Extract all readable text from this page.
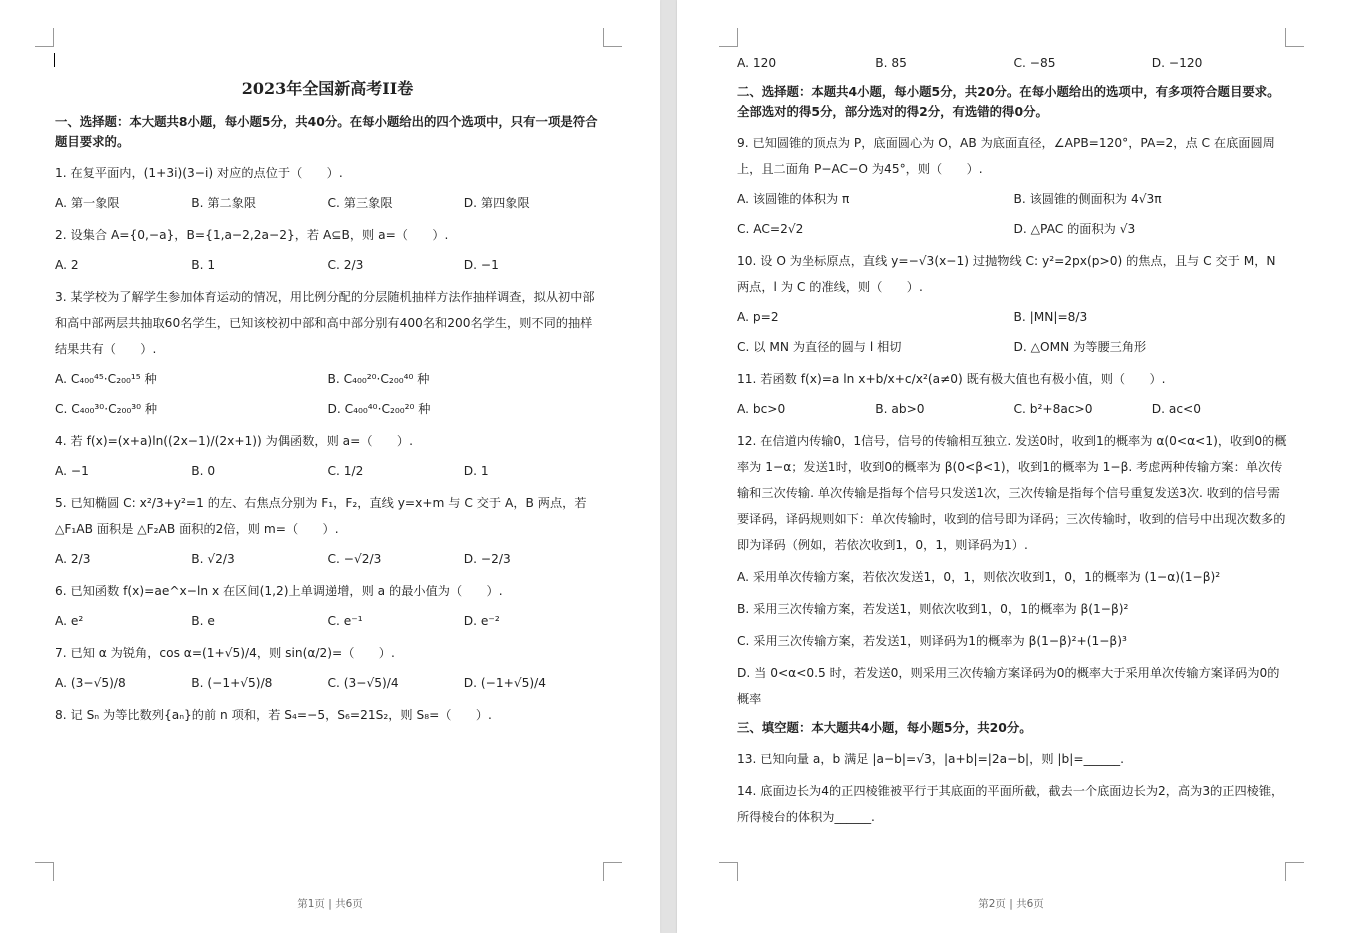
2023年全国新高考II卷
一、选择题：本大题共8小题，每小题5分，共40分。在每小题给出的四个选项中，只有一项是符合题目要求的。
1. 在复平面内，(1+3i)(3−i) 对应的点位于（　　）.
A. 第一象限	B. 第二象限	C. 第三象限	D. 第四象限
2. 设集合 A={0,−a}，B={1,a−2,2a−2}，若 A⊆B，则 a=（　　）.
A. 2	B. 1	C. 2/3	D. −1
3. 某学校为了解学生参加体育运动的情况，用比例分配的分层随机抽样方法作抽样调查，拟从初中部和高中部两层共抽取60名学生，已知该校初中部和高中部分别有400名和200名学生，则不同的抽样结果共有（　　）.
A. C₄₀₀⁴⁵·C₂₀₀¹⁵ 种	B. C₄₀₀²⁰·C₂₀₀⁴⁰ 种
C. C₄₀₀³⁰·C₂₀₀³⁰ 种	D. C₄₀₀⁴⁰·C₂₀₀²⁰ 种
4. 若 f(x)=(x+a)ln((2x−1)/(2x+1)) 为偶函数，则 a=（　　）.
A. −1	B. 0	C. 1/2	D. 1
5. 已知椭圆 C: x²/3+y²=1 的左、右焦点分别为 F₁，F₂，直线 y=x+m 与 C 交于 A，B 两点，若 △F₁AB 面积是 △F₂AB 面积的2倍，则 m=（　　）.
A. 2/3	B. √2/3	C. −√2/3	D. −2/3
6. 已知函数 f(x)=ae^x−ln x 在区间(1,2)上单调递增，则 a 的最小值为（　　）.
A. e²	B. e	C. e⁻¹	D. e⁻²
7. 已知 α 为锐角，cos α=(1+√5)/4，则 sin(α/2)=（　　）.
A. (3−√5)/8	B. (−1+√5)/8	C. (3−√5)/4	D. (−1+√5)/4
8. 记 Sₙ 为等比数列{aₙ}的前 n 项和，若 S₄=−5，S₆=21S₂，则 S₈=（　　）.
第1页 | 共6页
A. 120	B. 85	C. −85	D. −120
二、选择题：本题共4小题，每小题5分，共20分。在每小题给出的选项中，有多项符合题目要求。全部选对的得5分，部分选对的得2分，有选错的得0分。
9. 已知圆锥的顶点为 P，底面圆心为 O，AB 为底面直径，∠APB=120°，PA=2，点 C 在底面圆周上，且二面角 P−AC−O 为45°，则（　　）.
A. 该圆锥的体积为 π	B. 该圆锥的侧面积为 4√3π
C. AC=2√2	D. △PAC 的面积为 √3
10. 设 O 为坐标原点，直线 y=−√3(x−1) 过抛物线 C: y²=2px(p>0) 的焦点，且与 C 交于 M，N 两点，l 为 C 的准线，则（　　）.
A. p=2	B. |MN|=8/3
C. 以 MN 为直径的圆与 l 相切	D. △OMN 为等腰三角形
11. 若函数 f(x)=a ln x+b/x+c/x²(a≠0) 既有极大值也有极小值，则（　　）.
A. bc>0	B. ab>0	C. b²+8ac>0	D. ac<0
12. 在信道内传输0，1信号，信号的传输相互独立. 发送0时，收到1的概率为 α(0<α<1)，收到0的概率为 1−α；发送1时，收到0的概率为 β(0<β<1)，收到1的概率为 1−β. 考虑两种传输方案：单次传输和三次传输. 单次传输是指每个信号只发送1次，三次传输是指每个信号重复发送3次. 收到的信号需要译码，译码规则如下：单次传输时，收到的信号即为译码；三次传输时，收到的信号中出现次数多的即为译码（例如，若依次收到1，0，1，则译码为1）.
A. 采用单次传输方案，若依次发送1，0，1，则依次收到1，0，1的概率为 (1−α)(1−β)²
B. 采用三次传输方案，若发送1，则依次收到1，0，1的概率为 β(1−β)²
C. 采用三次传输方案，若发送1，则译码为1的概率为 β(1−β)²+(1−β)³
D. 当 0<α<0.5 时，若发送0，则采用三次传输方案译码为0的概率大于采用单次传输方案译码为0的概率
三、填空题：本大题共4小题，每小题5分，共20分。
13. 已知向量 a，b 满足 |a−b|=√3，|a+b|=|2a−b|，则 |b|=______.
14. 底面边长为4的正四棱锥被平行于其底面的平面所截，截去一个底面边长为2，高为3的正四棱锥，所得棱台的体积为______.
第2页 | 共6页
